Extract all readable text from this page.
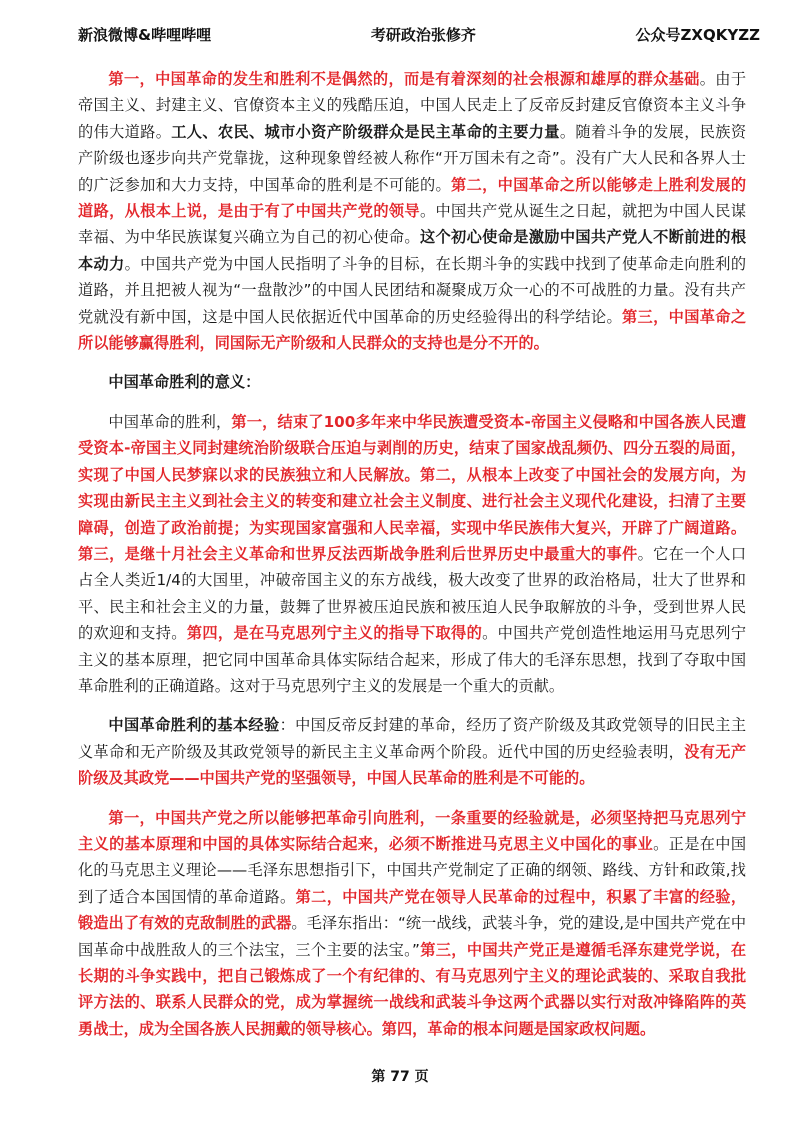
新浪微博&哔哩哔哩	考研政治张修齐	公众号ZXQKYZZ

第一，中国革命的发生和胜利不是偶然的，而是有着深刻的社会根源和雄厚的群众基础。由于帝国主义、封建主义、官僚资本主义的残酷压迫，中国人民走上了反帝反封建反官僚资本主义斗争的伟大道路。工人、农民、城市小资产阶级群众是民主革命的主要力量。随着斗争的发展，民族资产阶级也逐步向共产党靠拢，这种现象曾经被人称作“开万国未有之奇”。没有广大人民和各界人士的广泛参加和大力支持，中国革命的胜利是不可能的。第二，中国革命之所以能够走上胜利发展的道路，从根本上说，是由于有了中国共产党的领导。中国共产党从诞生之日起，就把为中国人民谋幸福、为中华民族谋复兴确立为自己的初心使命。这个初心使命是激励中国共产党人不断前进的根本动力。中国共产党为中国人民指明了斗争的目标，在长期斗争的实践中找到了使革命走向胜利的道路，并且把被人视为“一盘散沙”的中国人民团结和凝聚成万众一心的不可战胜的力量。没有共产党就没有新中国，这是中国人民依据近代中国革命的历史经验得出的科学结论。第三，中国革命之所以能够赢得胜利，同国际无产阶级和人民群众的支持也是分不开的。

中国革命胜利的意义：

中国革命的胜利，第一，结束了100多年来中华民族遭受资本-帝国主义侵略和中国各族人民遭受资本-帝国主义同封建统治阶级联合压迫与剥削的历史，结束了国家战乱频仍、四分五裂的局面，实现了中国人民梦寐以求的民族独立和人民解放。第二，从根本上改变了中国社会的发展方向，为实现由新民主主义到社会主义的转变和建立社会主义制度、进行社会主义现代化建设，扫清了主要障碍，创造了政治前提；为实现国家富强和人民幸福，实现中华民族伟大复兴，开辟了广阔道路。第三，是继十月社会主义革命和世界反法西斯战争胜利后世界历史中最重大的事件。它在一个人口占全人类近1/4的大国里，冲破帝国主义的东方战线，极大改变了世界的政治格局，壮大了世界和平、民主和社会主义的力量，鼓舞了世界被压迫民族和被压迫人民争取解放的斗争，受到世界人民的欢迎和支持。第四，是在马克思列宁主义的指导下取得的。中国共产党创造性地运用马克思列宁主义的基本原理，把它同中国革命具体实际结合起来，形成了伟大的毛泽东思想，找到了夺取中国革命胜利的正确道路。这对于马克思列宁主义的发展是一个重大的贡献。

中国革命胜利的基本经验：中国反帝反封建的革命，经历了资产阶级及其政党领导的旧民主主义革命和无产阶级及其政党领导的新民主主义革命两个阶段。近代中国的历史经验表明，没有无产阶级及其政党——中国共产党的坚强领导，中国人民革命的胜利是不可能的。

第一，中国共产党之所以能够把革命引向胜利，一条重要的经验就是，必须坚持把马克思列宁主义的基本原理和中国的具体实际结合起来，必须不断推进马克思主义中国化的事业。正是在中国化的马克思主义理论——毛泽东思想指引下，中国共产党制定了正确的纲领、路线、方针和政策,找到了适合本国国情的革命道路。第二，中国共产党在领导人民革命的过程中，积累了丰富的经验，锻造出了有效的克敌制胜的武器。毛泽东指出：“统一战线，武装斗争，党的建设,是中国共产党在中国革命中战胜敌人的三个法宝，三个主要的法宝。”第三，中国共产党正是遵循毛泽东建党学说，在长期的斗争实践中，把自己锻炼成了一个有纪律的、有马克思列宁主义的理论武装的、采取自我批评方法的、联系人民群众的党，成为掌握统一战线和武装斗争这两个武器以实行对敌冲锋陷阵的英勇战士，成为全国各族人民拥戴的领导核心。第四，革命的根本问题是国家政权问题。

第 77 页
